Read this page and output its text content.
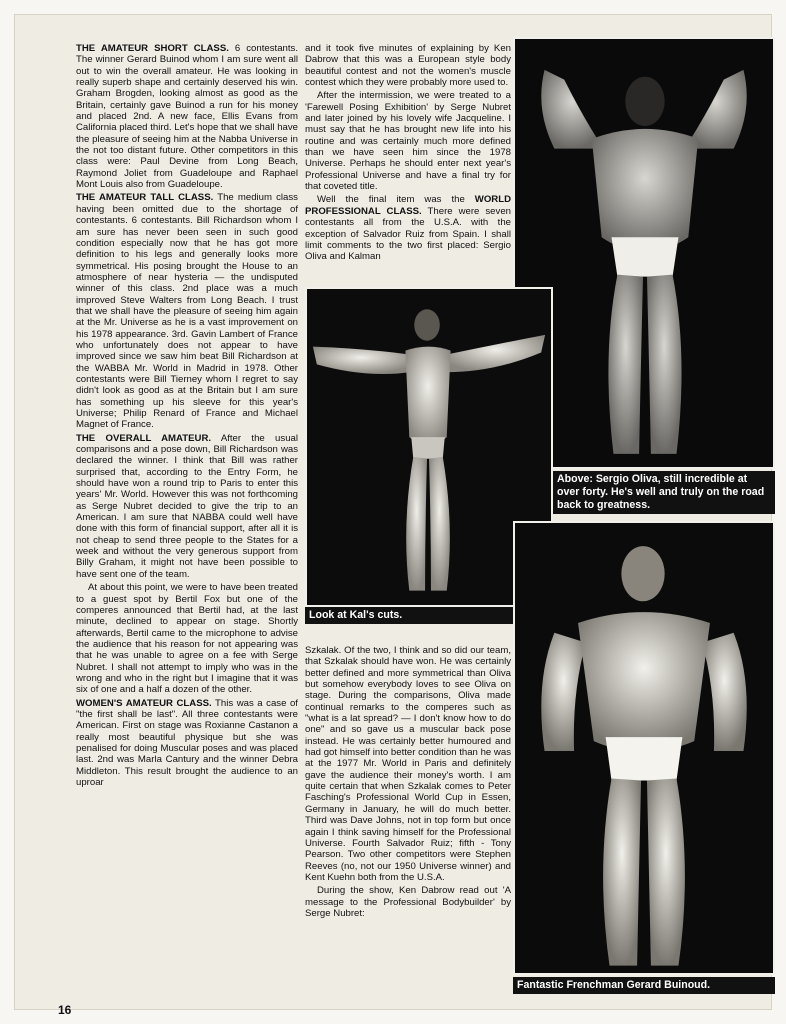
THE AMATEUR SHORT CLASS. 6 contestants. The winner Gerard Buinod whom I am sure went all out to win the overall amateur. He was looking in really superb shape and certainly deserved his win. Graham Brogden, looking almost as good as the Britain, certainly gave Buinod a run for his money and placed 2nd. A new face, Ellis Evans from California placed third. Let's hope that we shall have the pleasure of seeing him at the Nabba Universe in the not too distant future. Other competitors in this class were: Paul Devine from Long Beach, Raymond Joliet from Guadeloupe and Raphael Mont Louis also from Guadeloupe.

THE AMATEUR TALL CLASS. The medium class having been omitted due to the shortage of contestants. 6 contestants. Bill Richardson whom I am sure has never been seen in such good condition especially now that he has got more definition to his legs and generally looks more symmetrical. His posing brought the House to an atmosphere of near hysteria — the undisputed winner of this class. 2nd place was a much improved Steve Walters from Long Beach. I trust that we shall have the pleasure of seeing him again at the Mr. Universe as he is a vast improvement on his 1978 appearance. 3rd. Gavin Lambert of France who unfortunately does not appear to have improved since we saw him beat Bill Richardson at the WABBA Mr. World in Madrid in 1978. Other contestants were Bill Tierney whom I regret to say didn't look as good as at the Britain but I am sure has something up his sleeve for this year's Universe; Philip Renard of France and Michael Magnet of France.

THE OVERALL AMATEUR. After the usual comparisons and a pose down, Bill Richardson was declared the winner. I think that Bill was rather surprised that, according to the Entry Form, he should have won a round trip to Paris to enter this years' Mr. World. However this was not forthcoming as Serge Nubret decided to give the trip to an American. I am sure that NABBA could well have done with this form of financial support, after all it is not cheap to send three people to the States for a week and without the very generous support from Billy Graham, it might not have been possible to have sent one of the team.

At about this point, we were to have been treated to a guest spot by Bertil Fox but one of the comperes announced that Bertil had, at the last minute, declined to appear on stage. Shortly afterwards, Bertil came to the microphone to advise the audience that his reason for not appearing was that he was unable to agree on a fee with Serge Nubret. I shall not attempt to imply who was in the wrong and who in the right but I imagine that it was six of one and a half a dozen of the other.

WOMEN'S AMATEUR CLASS. This was a case of "the first shall be last". All three contestants were American. First on stage was Roxianne Castanon a really most beautiful physique but she was penalised for doing Muscular poses and was placed last. 2nd was Marla Cantury and the winner Debra Middleton. This result brought the audience to an uproar

and it took five minutes of explaining by Ken Dabrow that this was a European style body beautiful contest and not the women's muscle contest which they were probably more used to.

After the intermission, we were treated to a 'Farewell Posing Exhibition' by Serge Nubret and later joined by his lovely wife Jacqueline. I must say that he has brought new life into his routine and was certainly much more defined than we have seen him since the 1978 Universe. Perhaps he should enter next year's Professional Universe and have a final try for that coveted title.

Well the final item was the WORLD PROFESSIONAL CLASS. There were seven contestants all from the U.S.A. with the exception of Salvador Ruiz from Spain. I shall limit comments to the two first placed: Sergio Oliva and Kalman

Szkalak. Of the two, I think and so did our team, that Szkalak should have won. He was certainly better defined and more symmetrical than Oliva but somehow everybody loves to see Oliva on stage. During the comparisons, Oliva made continual remarks to the comperes such as "what is a lat spread? — I don't know how to do one" and so gave us a muscular back pose instead. He was certainly better humoured and had got himself into better condition than he was at the 1977 Mr. World in Paris and definitely gave the audience their money's worth. I am quite certain that when Szkalak comes to Peter Fasching's Professional World Cup in Essen, Germany in January, he will do much better. Third was Dave Johns, not in top form but once again I think saving himself for the Professional Universe. Fourth Salvador Ruiz; fifth - Tony Pearson. Two other competitors were Stephen Reeves (no, not our 1950 Universe winner) and Kent Kuehn both from the U.S.A.

During the show, Ken Dabrow read out 'A message to the Professional Bodybuilder' by Serge Nubret:

Above: Sergio Oliva, still incredible at over forty. He's well and truly on the road back to greatness.
Look at Kal's cuts.
Fantastic Frenchman Gerard Buinoud.
16
